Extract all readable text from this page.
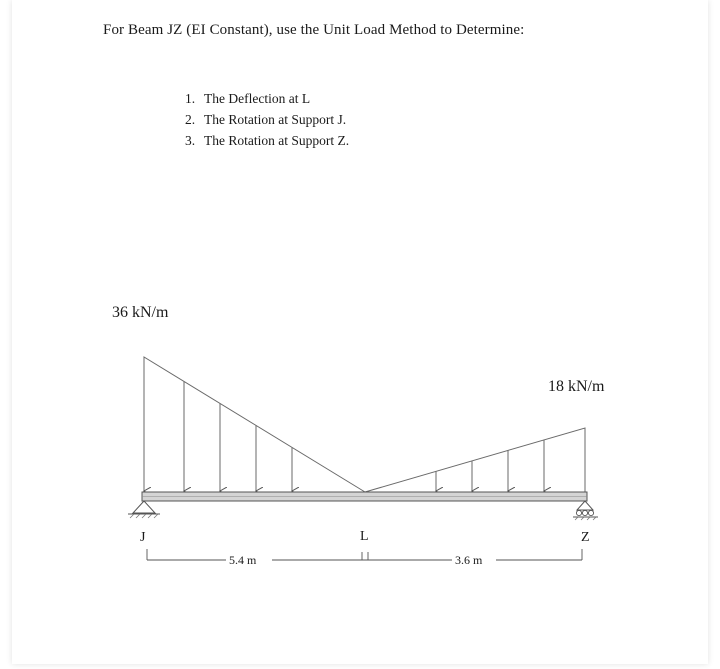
For Beam JZ (EI Constant), use the Unit Load Method to Determine:
1. The Deflection at L
2. The Rotation at Support J.
3. The Rotation at Support Z.
36 kN/m
18 kN/m
J	L	Z
5.4 m	3.6 m
